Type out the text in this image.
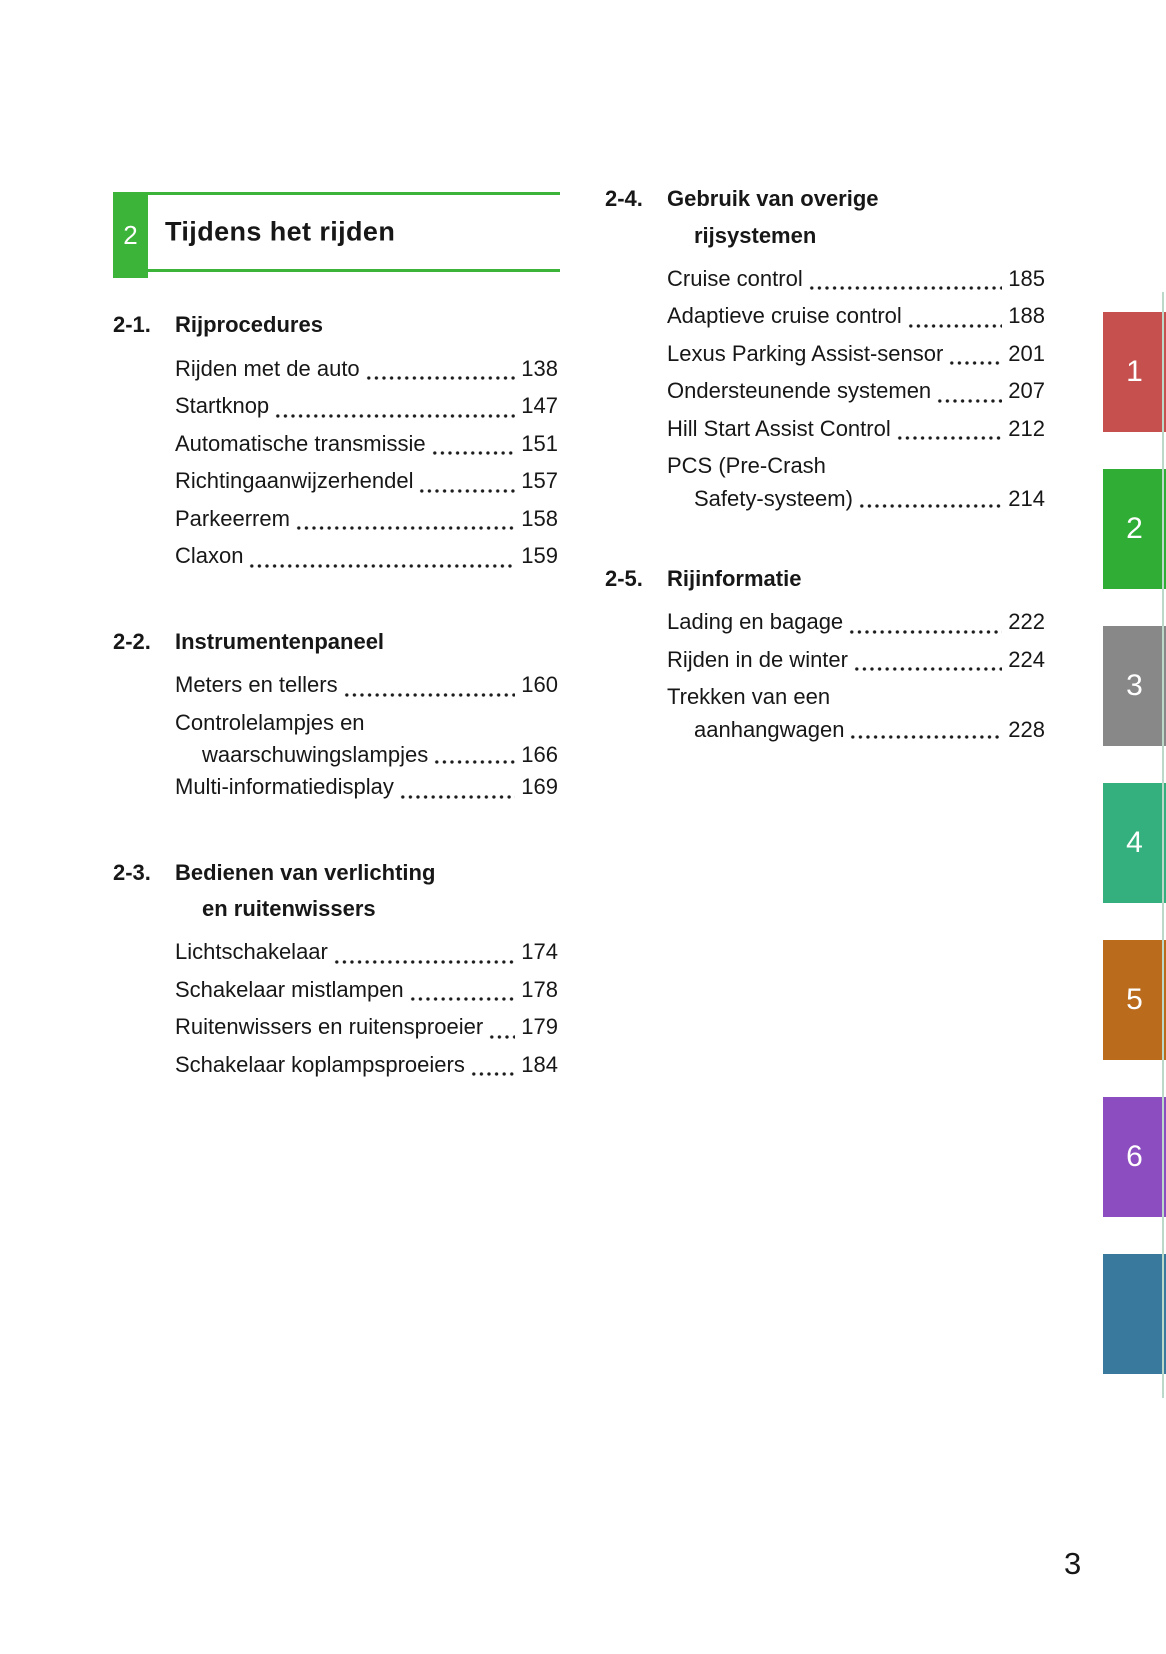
2 Tijdens het rijden
2-1.	Rijprocedures
Rijden met de auto	138
Startknop	147
Automatische transmissie	151
Richtingaanwijzerhendel	157
Parkeerrem	158
Claxon	159
2-2.	Instrumentenpaneel
Meters en tellers	160
Controlelampjes en
waarschuwingslampjes	166
Multi-informatiedisplay	169
2-3.	Bedienen van verlichting
en ruitenwissers
Lichtschakelaar	174
Schakelaar mistlampen	178
Ruitenwissers en ruitensproeier 179
Schakelaar koplampsproeiers	184
2-4.	Gebruik van overige
rijsystemen
Cruise control	185
Adaptieve cruise control	188
Lexus Parking Assist-sensor	201
Ondersteunende systemen	207
Hill Start Assist Control	212
PCS (Pre-Crash
Safety-systeem)	214
2-5.	Rijinformatie
Lading en bagage	222
Rijden in de winter	224
Trekken van een
aanhangwagen	228
1
2
3
4
5
6
3
